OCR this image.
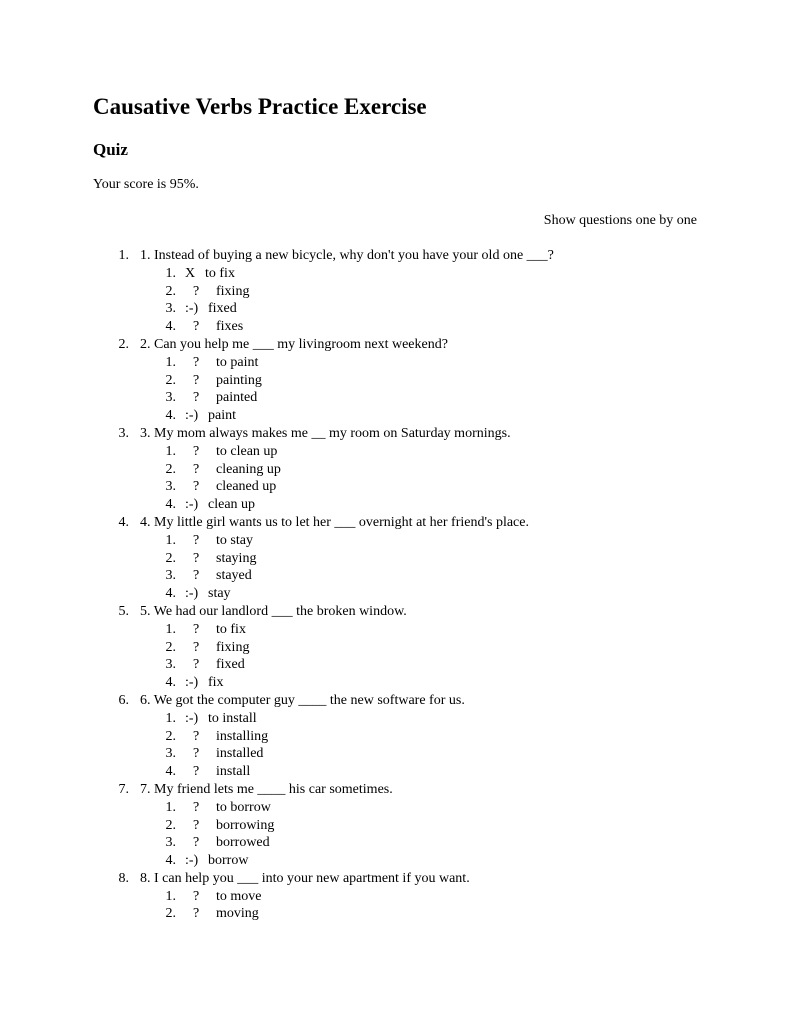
Causative Verbs Practice Exercise
Quiz
Your score is 95%.
Show questions one by one
1. 1. Instead of buying a new bicycle, why don't you have your old one ___?
1. X to fix
2. ?	fixing
3. :-) fixed
4. ?	fixes
2. 2. Can you help me ___ my livingroom next weekend?
1. ?	to paint
2. ?	painting
3. ?	painted
4. :-) paint
3. 3. My mom always makes me __ my room on Saturday mornings.
1. ?	to clean up
2. ?	cleaning up
3. ?	cleaned up
4. :-) clean up
4. 4. My little girl wants us to let her ___ overnight at her friend's place.
1. ?	to stay
2. ?	staying
3. ?	stayed
4. :-) stay
5. 5. We had our landlord ___ the broken window.
1. ?	to fix
2. ?	fixing
3. ?	fixed
4. :-) fix
6. 6. We got the computer guy ____ the new software for us.
1. :-) to install
2. ?	installing
3. ?	installed
4. ?	install
7. 7. My friend lets me ____ his car sometimes.
1. ?	to borrow
2. ?	borrowing
3. ?	borrowed
4. :-) borrow
8. 8. I can help you ___ into your new apartment if you want.
1. ?	to move
2. ?	moving
